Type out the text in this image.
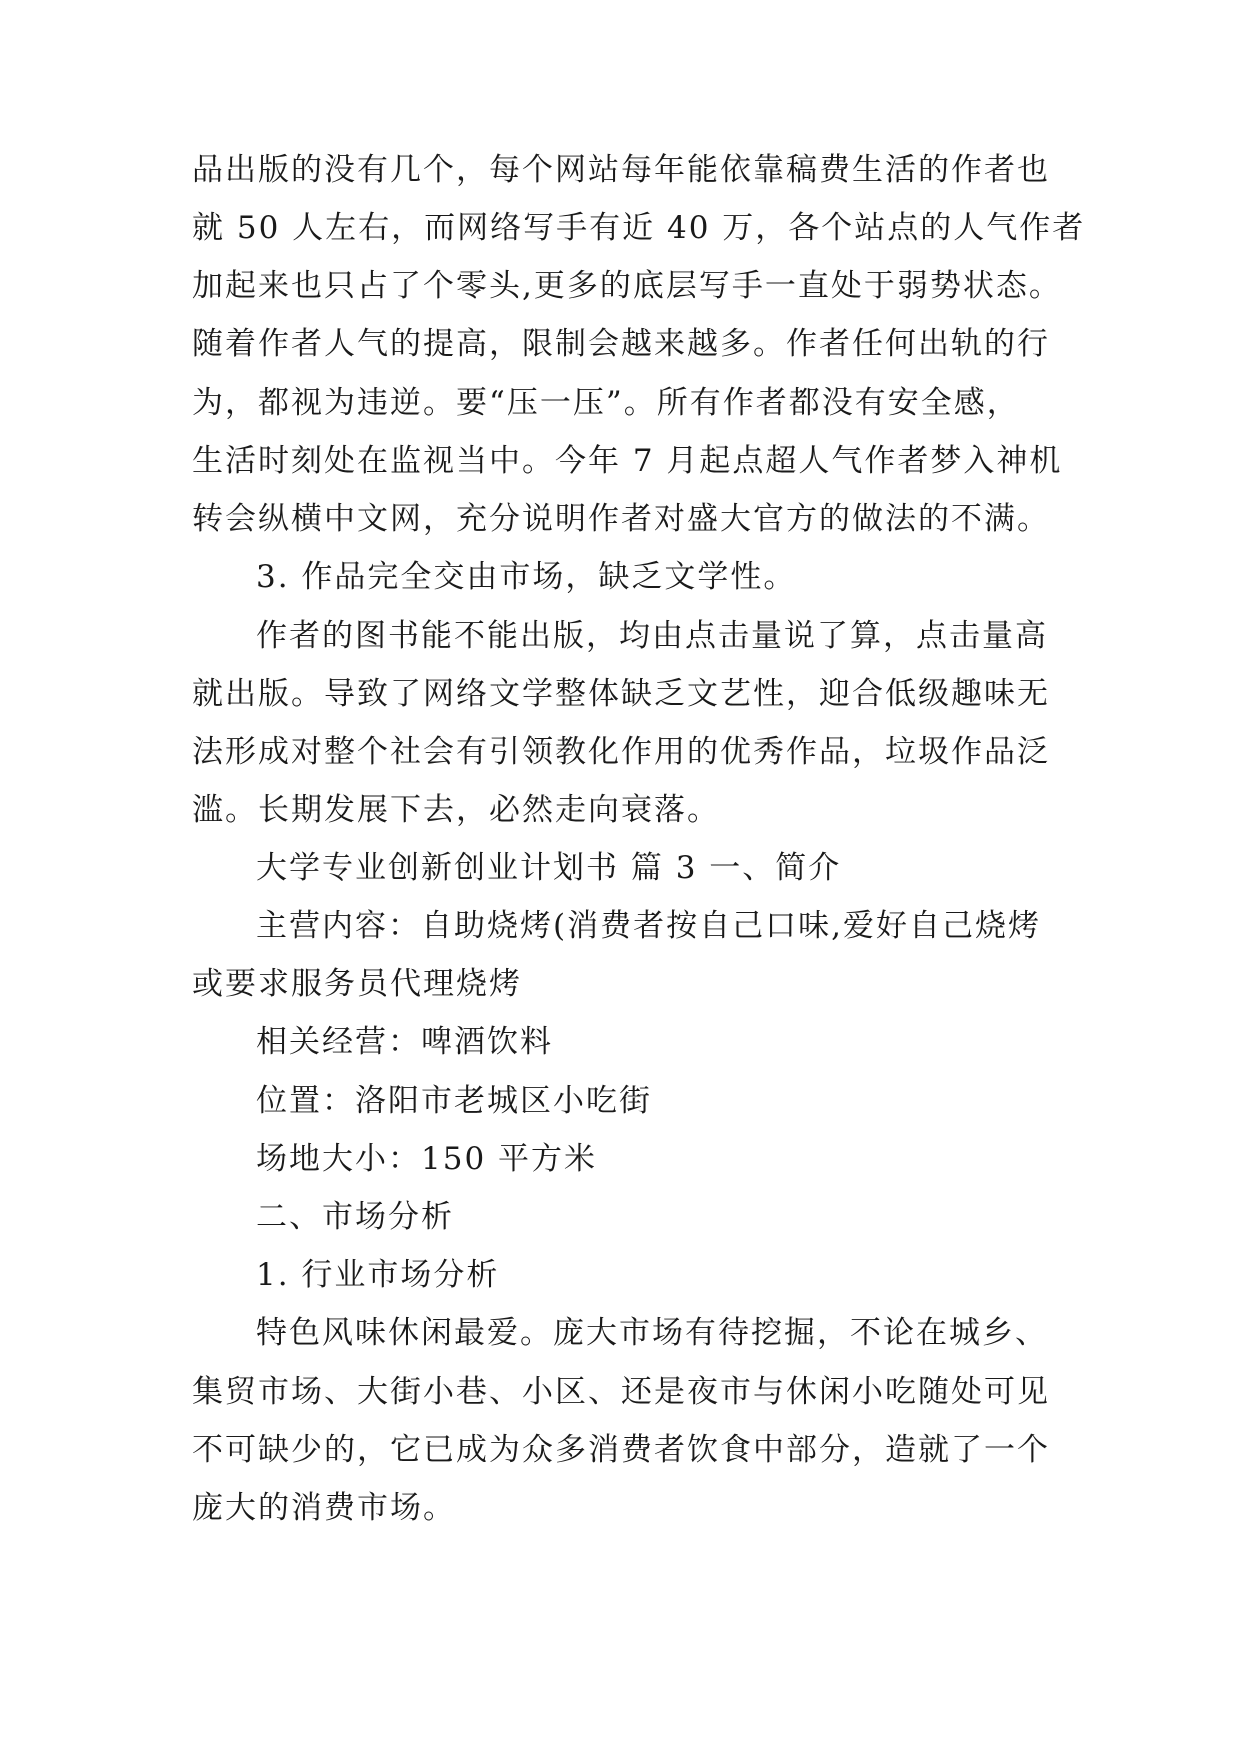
品出版的没有几个，每个网站每年能依靠稿费生活的作者也
就 50 人左右，而网络写手有近 40 万，各个站点的人气作者
加起来也只占了个零头,更多的底层写手一直处于弱势状态。
随着作者人气的提高，限制会越来越多。作者任何出轨的行
为，都视为违逆。要“压一压”。所有作者都没有安全感，
生活时刻处在监视当中。今年 7 月起点超人气作者梦入神机
转会纵横中文网，充分说明作者对盛大官方的做法的不满。
3. 作品完全交由市场，缺乏文学性。
作者的图书能不能出版，均由点击量说了算，点击量高
就出版。导致了网络文学整体缺乏文艺性，迎合低级趣味无
法形成对整个社会有引领教化作用的优秀作品，垃圾作品泛
滥。长期发展下去，必然走向衰落。
大学专业创新创业计划书 篇 3 一、简介
主营内容：自助烧烤(消费者按自己口味,爱好自己烧烤
或要求服务员代理烧烤
相关经营：啤酒饮料
位置：洛阳市老城区小吃街
场地大小：150 平方米
二、市场分析
1. 行业市场分析
特色风味休闲最爱。庞大市场有待挖掘，不论在城乡、
集贸市场、大街小巷、小区、还是夜市与休闲小吃随处可见
不可缺少的，它已成为众多消费者饮食中部分，造就了一个
庞大的消费市场。
